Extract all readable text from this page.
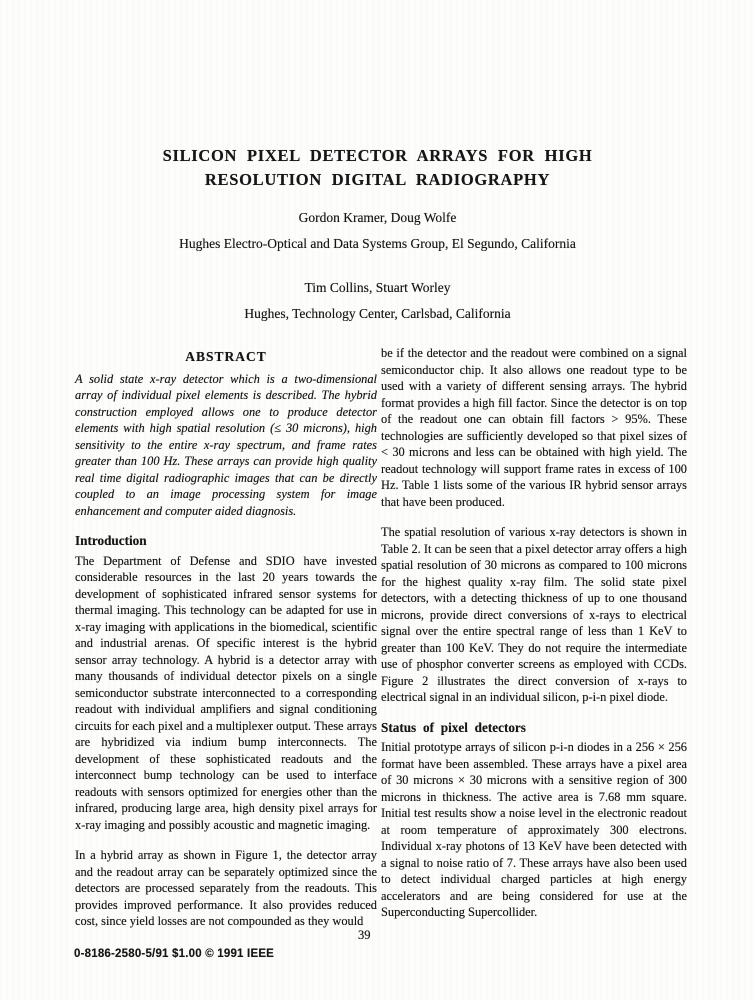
SILICON PIXEL DETECTOR ARRAYS FOR HIGH
RESOLUTION DIGITAL RADIOGRAPHY
Gordon Kramer, Doug Wolfe
Hughes Electro-Optical and Data Systems Group, El Segundo, California
Tim Collins, Stuart Worley
Hughes, Technology Center, Carlsbad, California
ABSTRACT

A solid state x-ray detector which is a two-dimensional array of individual pixel elements is described. The hybrid construction employed allows one to produce detector elements with high spatial resolution (≤ 30 microns), high sensitivity to the entire x-ray spectrum, and frame rates greater than 100 Hz. These arrays can provide high quality real time digital radiographic images that can be directly coupled to an image processing system for image enhancement and computer aided diagnosis.

Introduction

The Department of Defense and SDIO have invested considerable resources in the last 20 years towards the development of sophisticated infrared sensor systems for thermal imaging. This technology can be adapted for use in x-ray imaging with applications in the biomedical, scientific and industrial arenas. Of specific interest is the hybrid sensor array technology. A hybrid is a detector array with many thousands of individual detector pixels on a single semiconductor substrate interconnected to a corresponding readout with individual amplifiers and signal conditioning circuits for each pixel and a multiplexer output. These arrays are hybridized via indium bump interconnects. The development of these sophisticated readouts and the interconnect bump technology can be used to interface readouts with sensors optimized for energies other than the infrared, producing large area, high density pixel arrays for x-ray imaging and possibly acoustic and magnetic imaging.

In a hybrid array as shown in Figure 1, the detector array and the readout array can be separately optimized since the detectors are processed separately from the readouts. This provides improved performance. It also provides reduced cost, since yield losses are not compounded as they would

be if the detector and the readout were combined on a signal semiconductor chip. It also allows one readout type to be used with a variety of different sensing arrays. The hybrid format provides a high fill factor. Since the detector is on top of the readout one can obtain fill factors > 95%. These technologies are sufficiently developed so that pixel sizes of < 30 microns and less can be obtained with high yield. The readout technology will support frame rates in excess of 100 Hz. Table 1 lists some of the various IR hybrid sensor arrays that have been produced.

The spatial resolution of various x-ray detectors is shown in Table 2. It can be seen that a pixel detector array offers a high spatial resolution of 30 microns as compared to 100 microns for the highest quality x-ray film. The solid state pixel detectors, with a detecting thickness of up to one thousand microns, provide direct conversions of x-rays to electrical signal over the entire spectral range of less than 1 KeV to greater than 100 KeV. They do not require the intermediate use of phosphor converter screens as employed with CCDs. Figure 2 illustrates the direct conversion of x-rays to electrical signal in an individual silicon, p-i-n pixel diode.

Status of pixel detectors

Initial prototype arrays of silicon p-i-n diodes in a 256 × 256 format have been assembled. These arrays have a pixel area of 30 microns × 30 microns with a sensitive region of 300 microns in thickness. The active area is 7.68 mm square. Initial test results show a noise level in the electronic readout at room temperature of approximately 300 electrons. Individual x-ray photons of 13 KeV have been detected with a signal to noise ratio of 7. These arrays have also been used to detect individual charged particles at high energy accelerators and are being considered for use at the Superconducting Supercollider.

39
0-8186-2580-5/91 $1.00 © 1991 IEEE
